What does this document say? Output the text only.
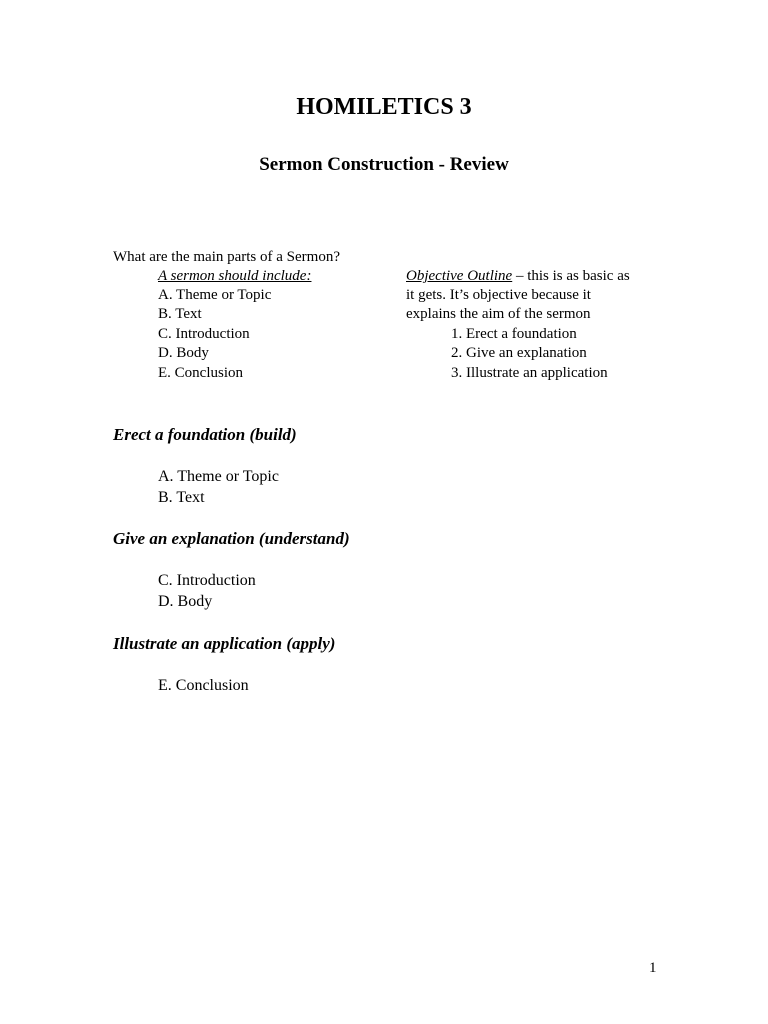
HOMILETICS 3
Sermon Construction - Review
What are the main parts of a Sermon?
A sermon should include:
A. Theme or Topic
B. Text
C. Introduction
D. Body
E. Conclusion
Objective Outline – this is as basic as
it gets. It’s objective because it
explains the aim of the sermon
1. Erect a foundation
2. Give an explanation
3. Illustrate an application
Erect a foundation (build)
A. Theme or Topic
B. Text
Give an explanation (understand)
C. Introduction
D. Body
Illustrate an application (apply)
E. Conclusion
1
